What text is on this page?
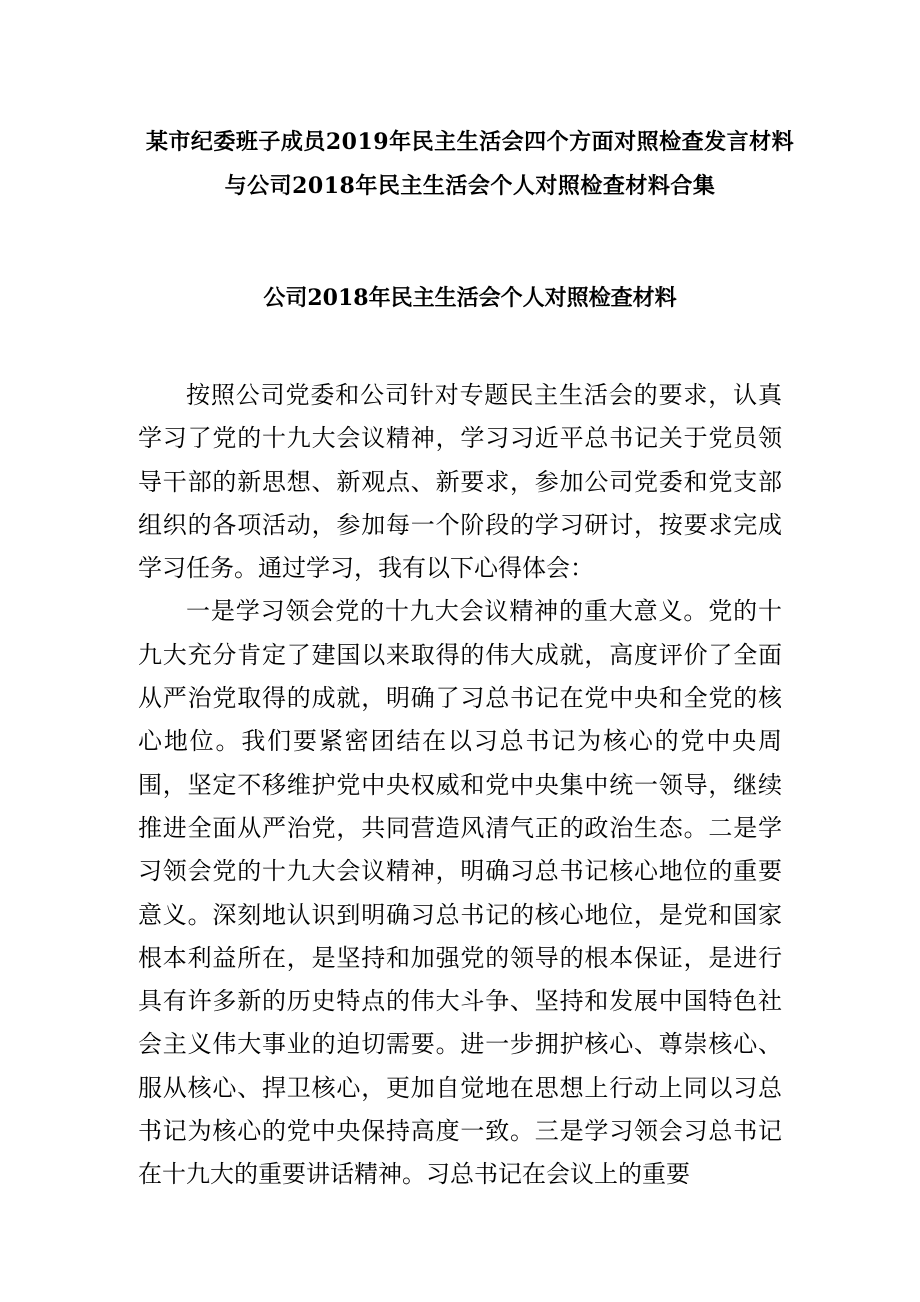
某市纪委班子成员2019年民主生活会四个方面对照检查发言材料与公司2018年民主生活会个人对照检查材料合集
公司2018年民主生活会个人对照检查材料

按照公司党委和公司针对专题民主生活会的要求，认真学习了党的十九大会议精神，学习习近平总书记关于党员领导干部的新思想、新观点、新要求，参加公司党委和党支部组织的各项活动，参加每一个阶段的学习研讨，按要求完成学习任务。通过学习，我有以下心得体会：

一是学习领会党的十九大会议精神的重大意义。党的十九大充分肯定了建国以来取得的伟大成就，高度评价了全面从严治党取得的成就，明确了习总书记在党中央和全党的核心地位。我们要紧密团结在以习总书记为核心的党中央周围，坚定不移维护党中央权威和党中央集中统一领导，继续推进全面从严治党，共同营造风清气正的政治生态。二是学习领会党的十九大会议精神，明确习总书记核心地位的重要意义。深刻地认识到明确习总书记的核心地位，是党和国家根本利益所在，是坚持和加强党的领导的根本保证，是进行具有许多新的历史特点的伟大斗争、坚持和发展中国特色社会主义伟大事业的迫切需要。进一步拥护核心、尊崇核心、服从核心、捍卫核心，更加自觉地在思想上行动上同以习总书记为核心的党中央保持高度一致。三是学习领会习总书记在十九大的重要讲话精神。习总书记在会议上的重要
